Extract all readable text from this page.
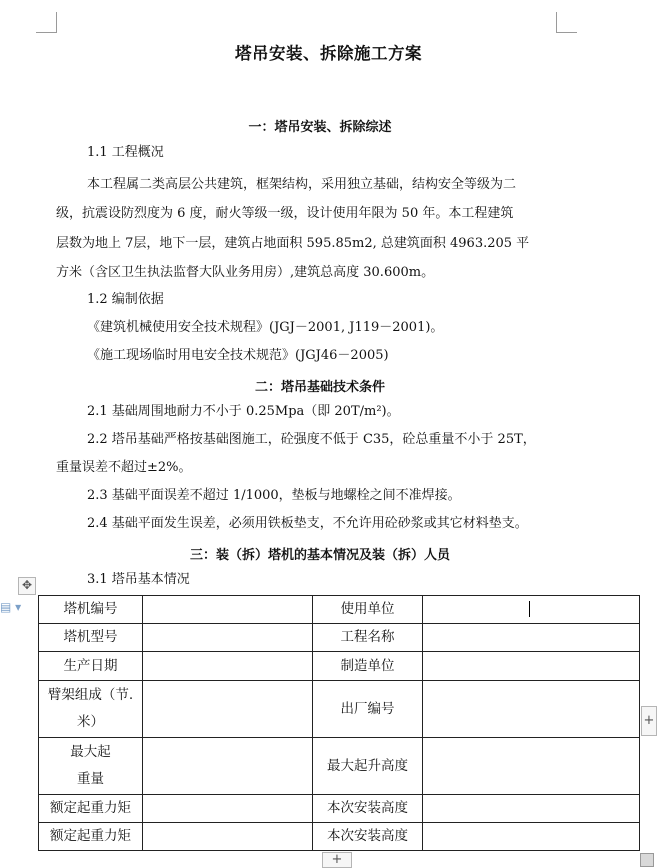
塔吊安装、拆除施工方案
一：塔吊安装、拆除综述
1.1 工程概况
本工程属二类高层公共建筑，框架结构，采用独立基础，结构安全等级为二
级，抗震设防烈度为 6 度，耐火等级一级，设计使用年限为 50 年。本工程建筑
层数为地上 7层，地下一层，建筑占地面积 595.85m2, 总建筑面积 4963.205 平
方米（含区卫生执法监督大队业务用房）,建筑总高度 30.600m。
1.2 编制依据
《建筑机械使用安全技术规程》(JGJ－2001, J119－2001)。
《施工现场临时用电安全技术规范》(JGJ46－2005)
二：塔吊基础技术条件
2.1 基础周围地耐力不小于 0.25Mpa（即 20T/m²)。
2.2 塔吊基础严格按基础图施工，砼强度不低于 C35，砼总重量不小于 25T，
重量误差不超过±2%。
2.3 基础平面误差不超过 1/1000，垫板与地螺栓之间不准焊接。
2.4 基础平面发生误差，必须用铁板垫支，不允许用砼砂浆或其它材料垫支。
三：装（拆）塔机的基本情况及装（拆）人员
3.1 塔吊基本情况
✥
▤ ▾	塔机编号		使用单位	
塔机型号		工程名称	
生产日期		制造单位	

臂架组成（节.
米）		出厂编号	

最大起
重量		最大起升高度	
额定起重力矩		本次安装高度	
额定起重力矩		本次安装高度	
+
+
